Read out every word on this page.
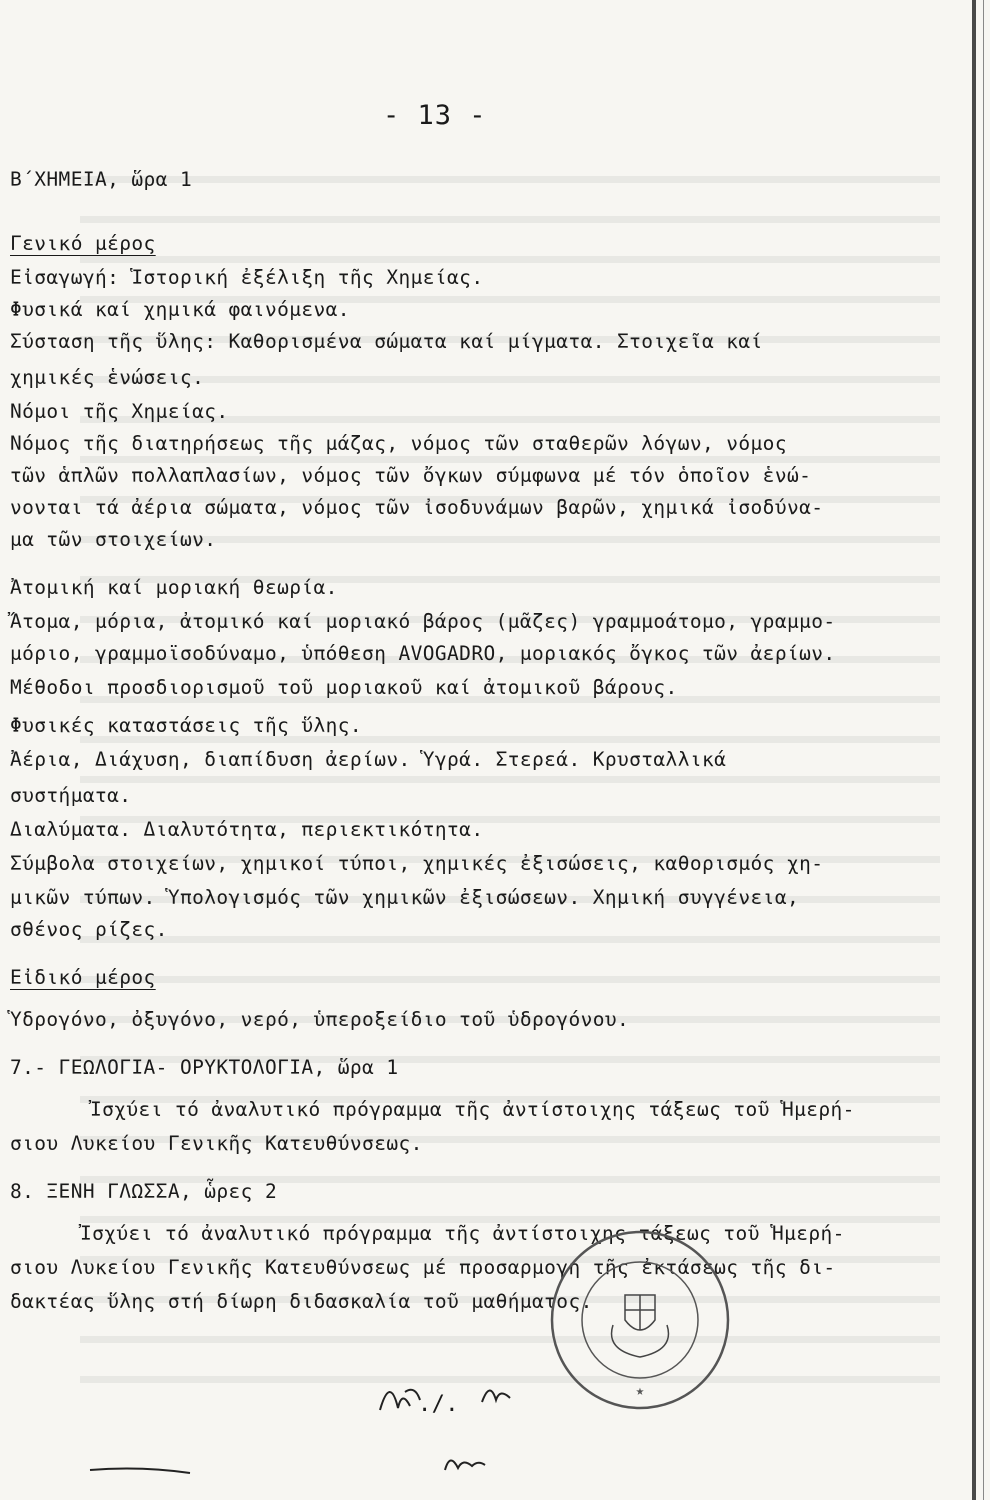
- 13 -
Β΄ΧΗΜΕΙΑ, ὥρα 1
Γενικό μέρος
Εἰσαγωγή: Ἱστορική ἐξέλιξη τῆς Χημείας.
Φυσικά καί χημικά φαινόμενα.
Σύσταση τῆς ὕλης: Καθορισμένα σώματα καί μίγματα. Στοιχεῖα καί
χημικές ἑνώσεις.
Νόμοι τῆς Χημείας.
Νόμος τῆς διατηρήσεως τῆς μάζας, νόμος τῶν σταθερῶν λόγων, νόμος
τῶν ἁπλῶν πολλαπλασίων, νόμος τῶν ὄγκων σύμφωνα μέ τόν ὁποῖον ἑνώ-
νονται τά ἀέρια σώματα, νόμος τῶν ἰσοδυνάμων βαρῶν, χημικά ἰσοδύνα-
μα τῶν στοιχείων.
Ἀτομική καί μοριακή θεωρία.
Ἄτομα, μόρια, ἀτομικό καί μοριακό βάρος (μᾶζες) γραμμοάτομο, γραμμο-
μόριο, γραμμοϊσοδύναμο, ὑπόθεση AVOGADRO, μοριακός ὄγκος τῶν ἀερίων.
Μέθοδοι προσδιορισμοῦ τοῦ μοριακοῦ καί ἀτομικοῦ βάρους.
Φυσικές καταστάσεις τῆς ὕλης.
Ἀέρια, Διάχυση, διαπίδυση ἀερίων. Ὑγρά. Στερεά. Κρυσταλλικά
συστήματα.
Διαλύματα. Διαλυτότητα, περιεκτικότητα.
Σύμβολα στοιχείων, χημικοί τύποι, χημικές ἐξισώσεις, καθορισμός χη-
μικῶν τύπων. Ὑπολογισμός τῶν χημικῶν ἐξισώσεων. Χημική συγγένεια,
σθένος ρίζες.
Εἰδικό μέρος
Ὑδρογόνο, ὀξυγόνο, νερό, ὑπεροξείδιο τοῦ ὑδρογόνου.
7.- ΓΕΩΛΟΓΙΑ- ΟΡΥΚΤΟΛΟΓΙΑ, ὥρα 1
Ἰσχύει τό ἀναλυτικό πρόγραμμα τῆς ἀντίστοιχης τάξεως τοῦ Ἡμερή-
σιου Λυκείου Γενικῆς Κατευθύνσεως.
8. ΞΕΝΗ ΓΛΩΣΣΑ, ὧρες 2
Ἰσχύει τό ἀναλυτικό πρόγραμμα τῆς ἀντίστοιχης τάξεως τοῦ Ἡμερή-
σιου Λυκείου Γενικῆς Κατευθύνσεως μέ προσαρμογή τῆς ἐκτάσεως τῆς δι-
δακτέας ὕλης στή δίωρη διδασκαλία τοῦ μαθήματος.
★
./.
